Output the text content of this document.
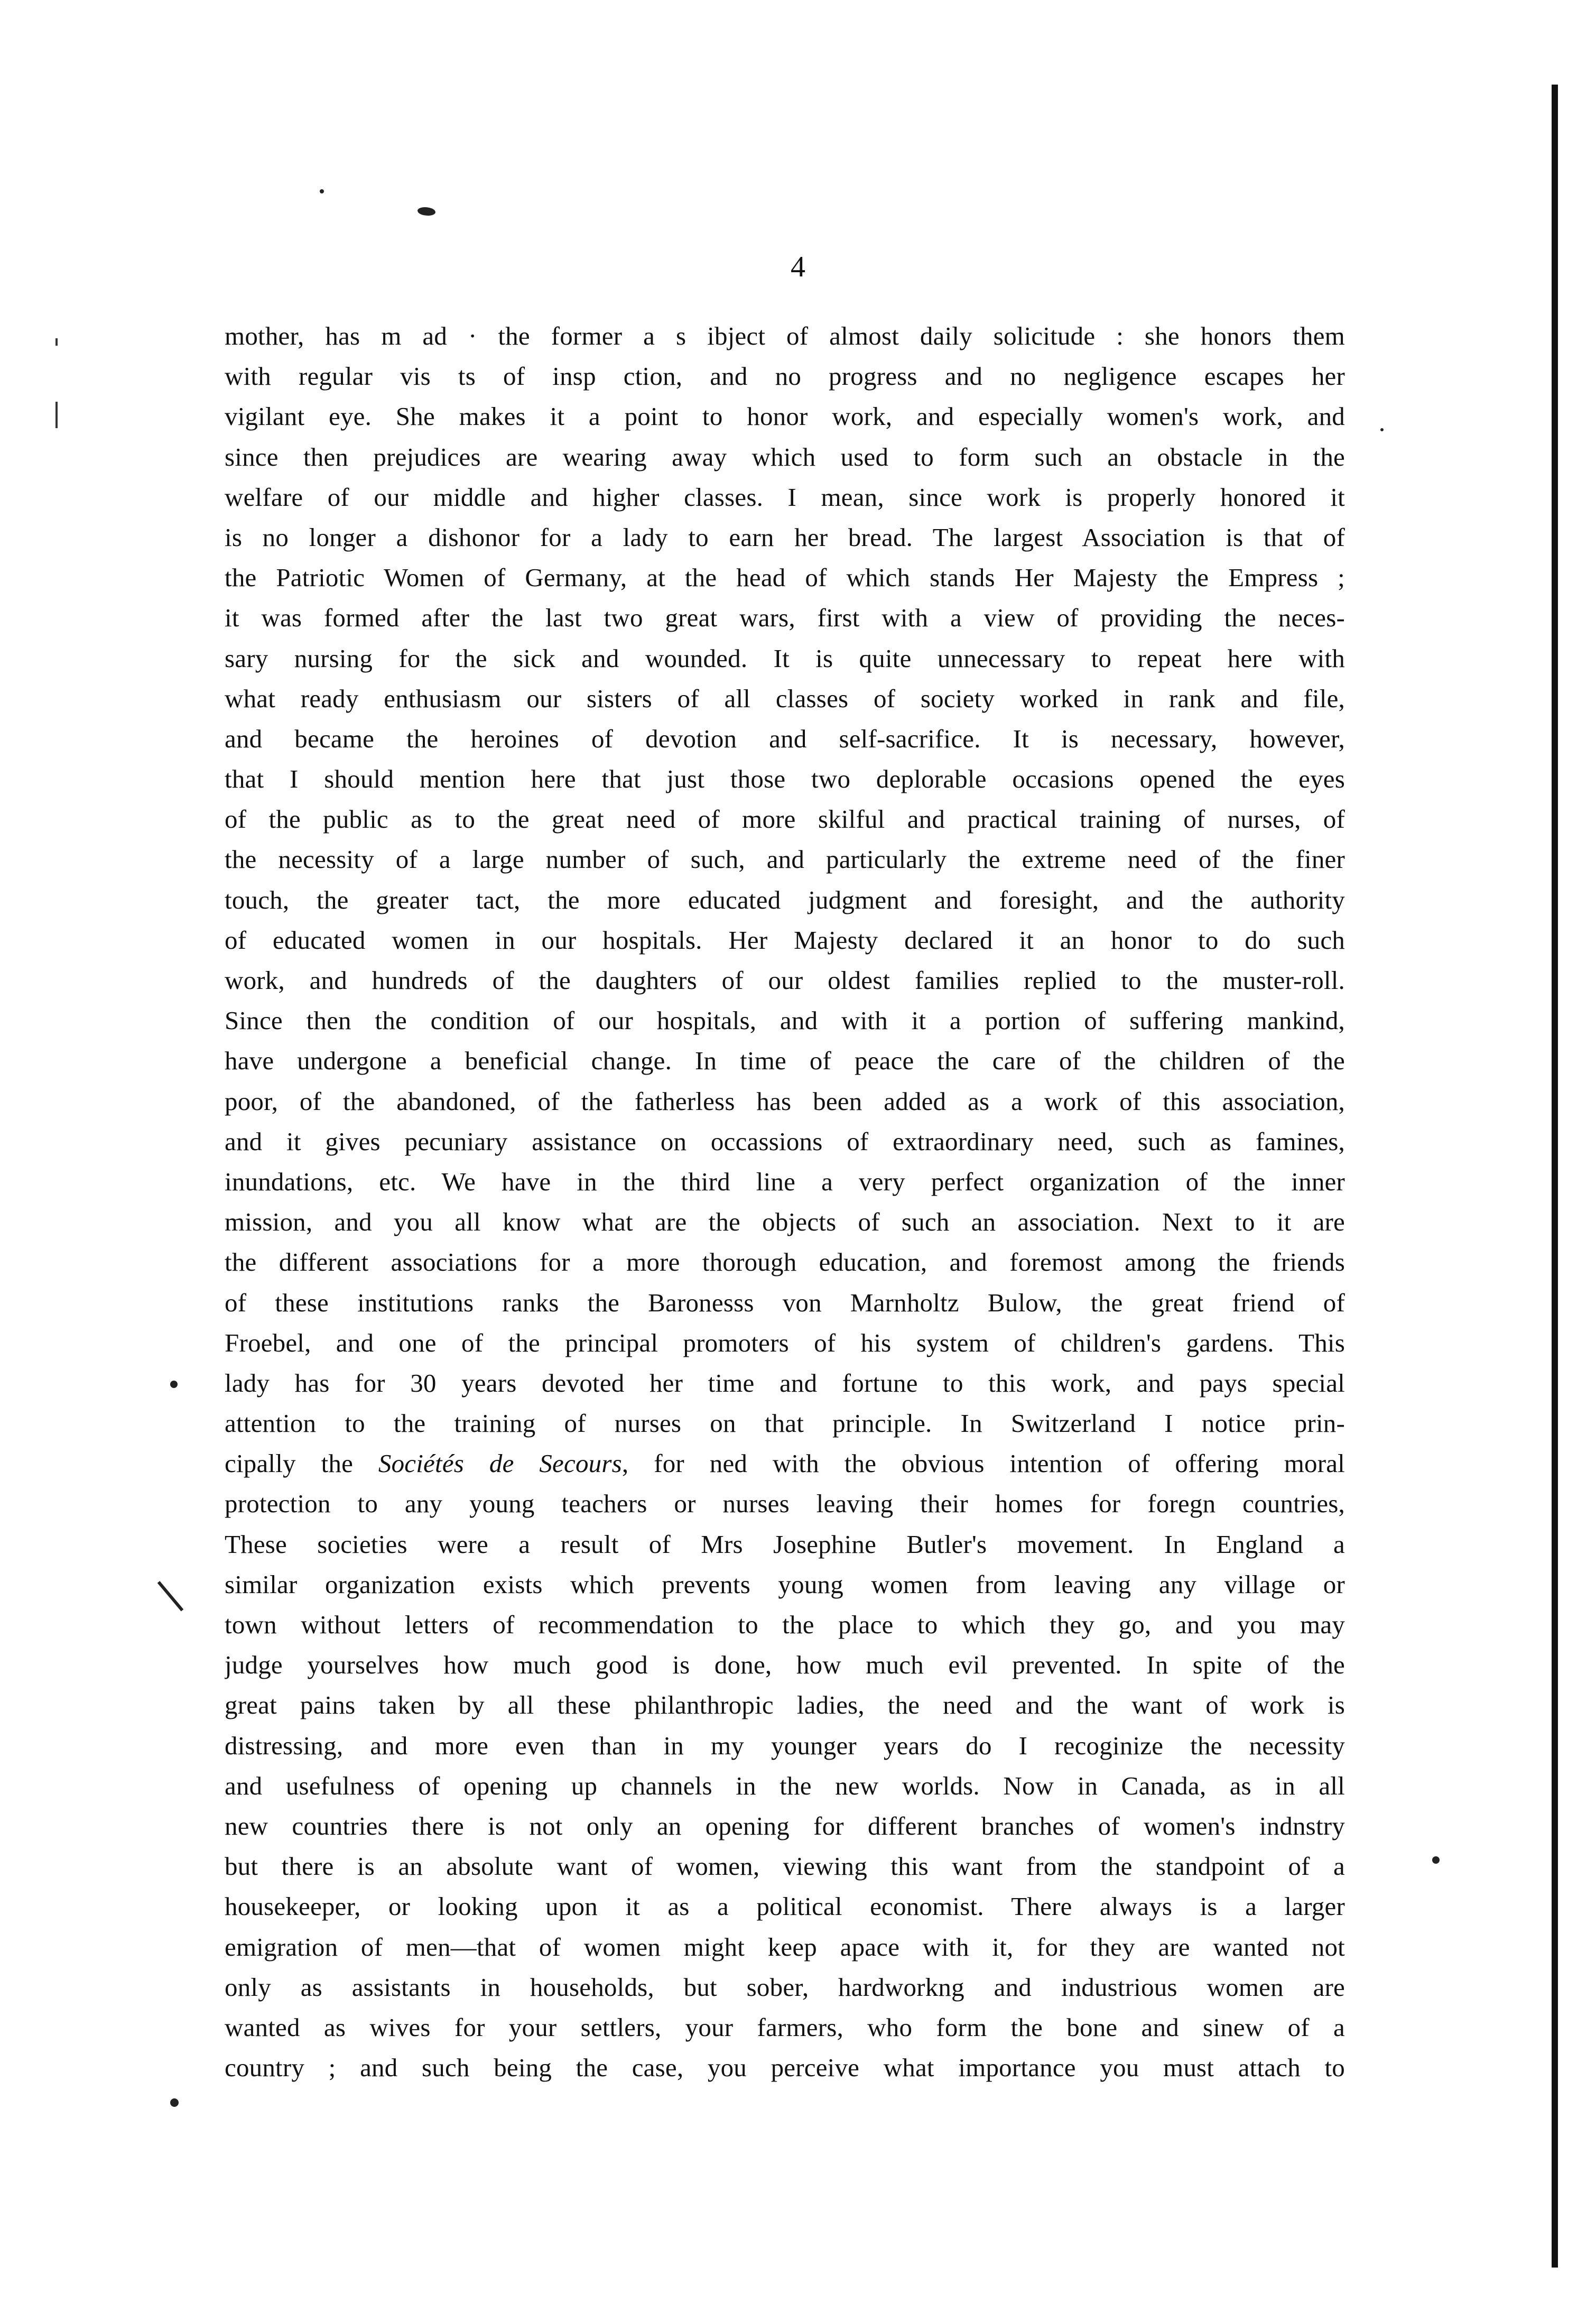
4
mother, has m ad · the former a s ibject of almost daily solicitude : she honors them
with regular vis ts of insp ction, and no progress and no negligence escapes her
vigilant eye. She makes it a point to honor work, and especially women's work, and
since then prejudices are wearing away which used to form such an obstacle in the
welfare of our middle and higher classes. I mean, since work is properly honored it
is no longer a dishonor for a lady to earn her bread. The largest Association is that of
the Patriotic Women of Germany, at the head of which stands Her Majesty the Empress ;
it was formed after the last two great wars, first with a view of providing the neces-
sary nursing for the sick and wounded. It is quite unnecessary to repeat here with
what ready enthusiasm our sisters of all classes of society worked in rank and file,
and became the heroines of devotion and self-sacrifice. It is necessary, however,
that I should mention here that just those two deplorable occasions opened the eyes
of the public as to the great need of more skilful and practical training of nurses, of
the necessity of a large number of such, and particularly the extreme need of the finer
touch, the greater tact, the more educated judgment and foresight, and the authority
of educated women in our hospitals. Her Majesty declared it an honor to do such
work, and hundreds of the daughters of our oldest families replied to the muster-roll.
Since then the condition of our hospitals, and with it a portion of suffering mankind,
have undergone a beneficial change. In time of peace the care of the children of the
poor, of the abandoned, of the fatherless has been added as a work of this association,
and it gives pecuniary assistance on occassions of extraordinary need, such as famines,
inundations, etc. We have in the third line a very perfect organization of the inner
mission, and you all know what are the objects of such an association. Next to it are
the different associations for a more thorough education, and foremost among the friends
of these institutions ranks the Baronesss von Marnholtz Bulow, the great friend of
Froebel, and one of the principal promoters of his system of children's gardens. This
lady has for 30 years devoted her time and fortune to this work, and pays special
attention to the training of nurses on that principle. In Switzerland I notice prin-
cipally the Sociétés de Secours, for ned with the obvious intention of offering moral
protection to any young teachers or nurses leaving their homes for foregn countries,
These societies were a result of Mrs Josephine Butler's movement. In England a
similar organization exists which prevents young women from leaving any village or
town without letters of recommendation to the place to which they go, and you may
judge yourselves how much good is done, how much evil prevented. In spite of the
great pains taken by all these philanthropic ladies, the need and the want of work is
distressing, and more even than in my younger years do I recoginize the necessity
and usefulness of opening up channels in the new worlds. Now in Canada, as in all
new countries there is not only an opening for different branches of women's indnstry
but there is an absolute want of women, viewing this want from the standpoint of a
housekeeper, or looking upon it as a political economist. There always is a larger
emigration of men—that of women might keep apace with it, for they are wanted not
only as assistants in households, but sober, hardworkng and industrious women are
wanted as wives for your settlers, your farmers, who form the bone and sinew of a
country ; and such being the case, you perceive what importance you must attach to
